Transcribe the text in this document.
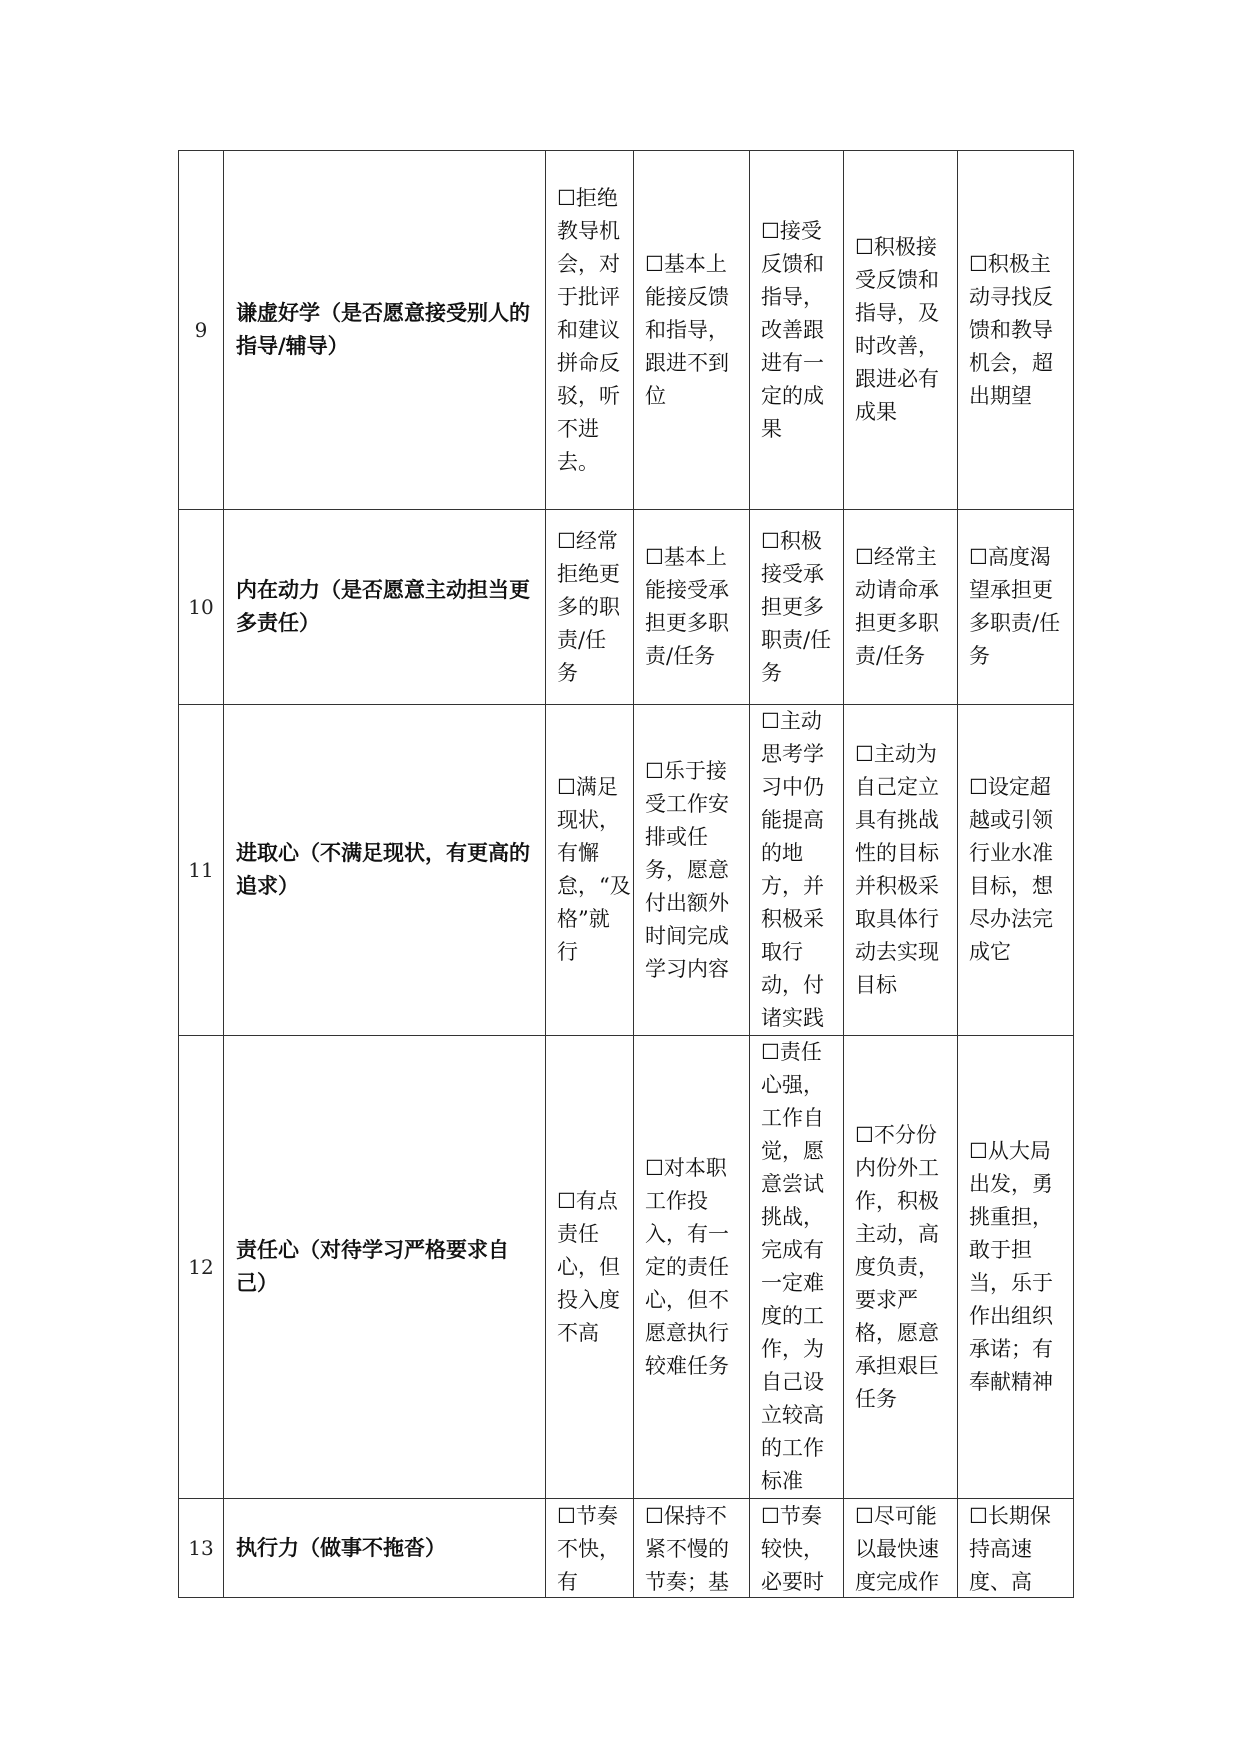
9	谦虚好学（是否愿意接受别人的指导/辅导）	☐拒绝教导机会，对于批评和建议拼命反驳，听不进去。	☐基本上能接反馈和指导，跟进不到位	☐接受反馈和指导，改善跟进有一定的成果	☐积极接受反馈和指导，及时改善，跟进必有成果	☐积极主动寻找反馈和教导机会，超出期望
10	内在动力（是否愿意主动担当更多责任）	☐经常拒绝更多的职责/任务	☐基本上能接受承担更多职责/任务	☐积极接受承担更多职责/任务	☐经常主动请命承担更多职责/任务	☐高度渴望承担更多职责/任务
11	进取心（不满足现状，有更高的追求）	☐满足现状，有懈怠，“及格”就行	☐乐于接受工作安排或任务，愿意付出额外时间完成学习内容	☐主动思考学习中仍能提高的地方，并积极采取行动，付诸实践	☐主动为自己定立具有挑战性的目标并积极采取具体行动去实现目标	☐设定超越或引领行业水准目标，想尽办法完成它
12	责任心（对待学习严格要求自己）	☐有点责任心，但投入度不高	☐对本职工作投入，有一定的责任心，但不愿意执行较难任务	☐责任心强，工作自觉，愿意尝试挑战，完成有一定难度的工作，为自己设立较高的工作标准	☐不分份内份外工作，积极主动，高度负责，要求严格，愿意承担艰巨任务	☐从大局出发，勇挑重担，敢于担当，乐于作出组织承诺；有奉献精神
13	执行力（做事不拖沓）	☐节奏不快，有	☐保持不紧不慢的节奏；基	☐节奏较快，必要时	☐尽可能以最快速度完成作	☐长期保持高速度、高
